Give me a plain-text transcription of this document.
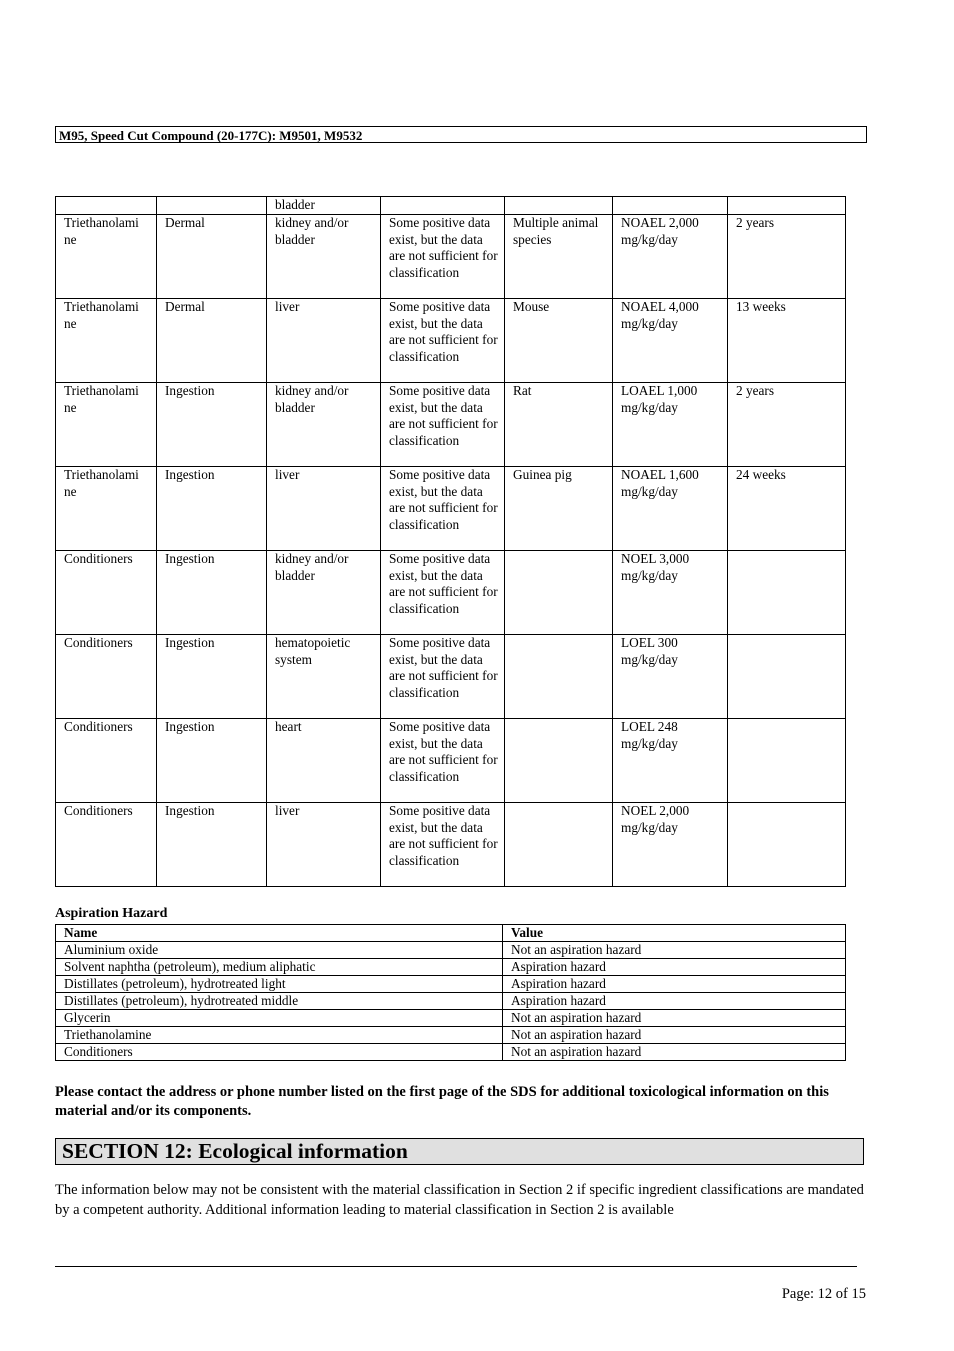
M95, Speed Cut Compound (20-177C): M9501, M9532
		bladder				
Triethanolami ne	Dermal	kidney and/or bladder	Some positive data exist, but the data are not sufficient for classification	Multiple animal species	NOAEL 2,000 mg/kg/day	2 years
Triethanolami ne	Dermal	liver	Some positive data exist, but the data are not sufficient for classification	Mouse	NOAEL 4,000 mg/kg/day	13 weeks
Triethanolami ne	Ingestion	kidney and/or bladder	Some positive data exist, but the data are not sufficient for classification	Rat	LOAEL 1,000 mg/kg/day	2 years
Triethanolami ne	Ingestion	liver	Some positive data exist, but the data are not sufficient for classification	Guinea pig	NOAEL 1,600 mg/kg/day	24 weeks
Conditioners	Ingestion	kidney and/or bladder	Some positive data exist, but the data are not sufficient for classification		NOEL 3,000 mg/kg/day	
Conditioners	Ingestion	hematopoietic system	Some positive data exist, but the data are not sufficient for classification		LOEL 300 mg/kg/day	
Conditioners	Ingestion	heart	Some positive data exist, but the data are not sufficient for classification		LOEL 248 mg/kg/day	
Conditioners	Ingestion	liver	Some positive data exist, but the data are not sufficient for classification		NOEL 2,000 mg/kg/day	
Aspiration Hazard
Name	Value
Aluminium oxide	Not an aspiration hazard
Solvent naphtha (petroleum), medium aliphatic	Aspiration hazard
Distillates (petroleum), hydrotreated light	Aspiration hazard
Distillates (petroleum), hydrotreated middle	Aspiration hazard
Glycerin	Not an aspiration hazard
Triethanolamine	Not an aspiration hazard
Conditioners	Not an aspiration hazard
Please contact the address or phone number listed on the first page of the SDS for additional toxicological information on this material and/or its components.
SECTION 12: Ecological information
The information below may not be consistent with the material classification in Section 2 if specific ingredient classifications are mandated by a competent authority. Additional information leading to material classification in Section 2 is available
Page: 12 of 15
